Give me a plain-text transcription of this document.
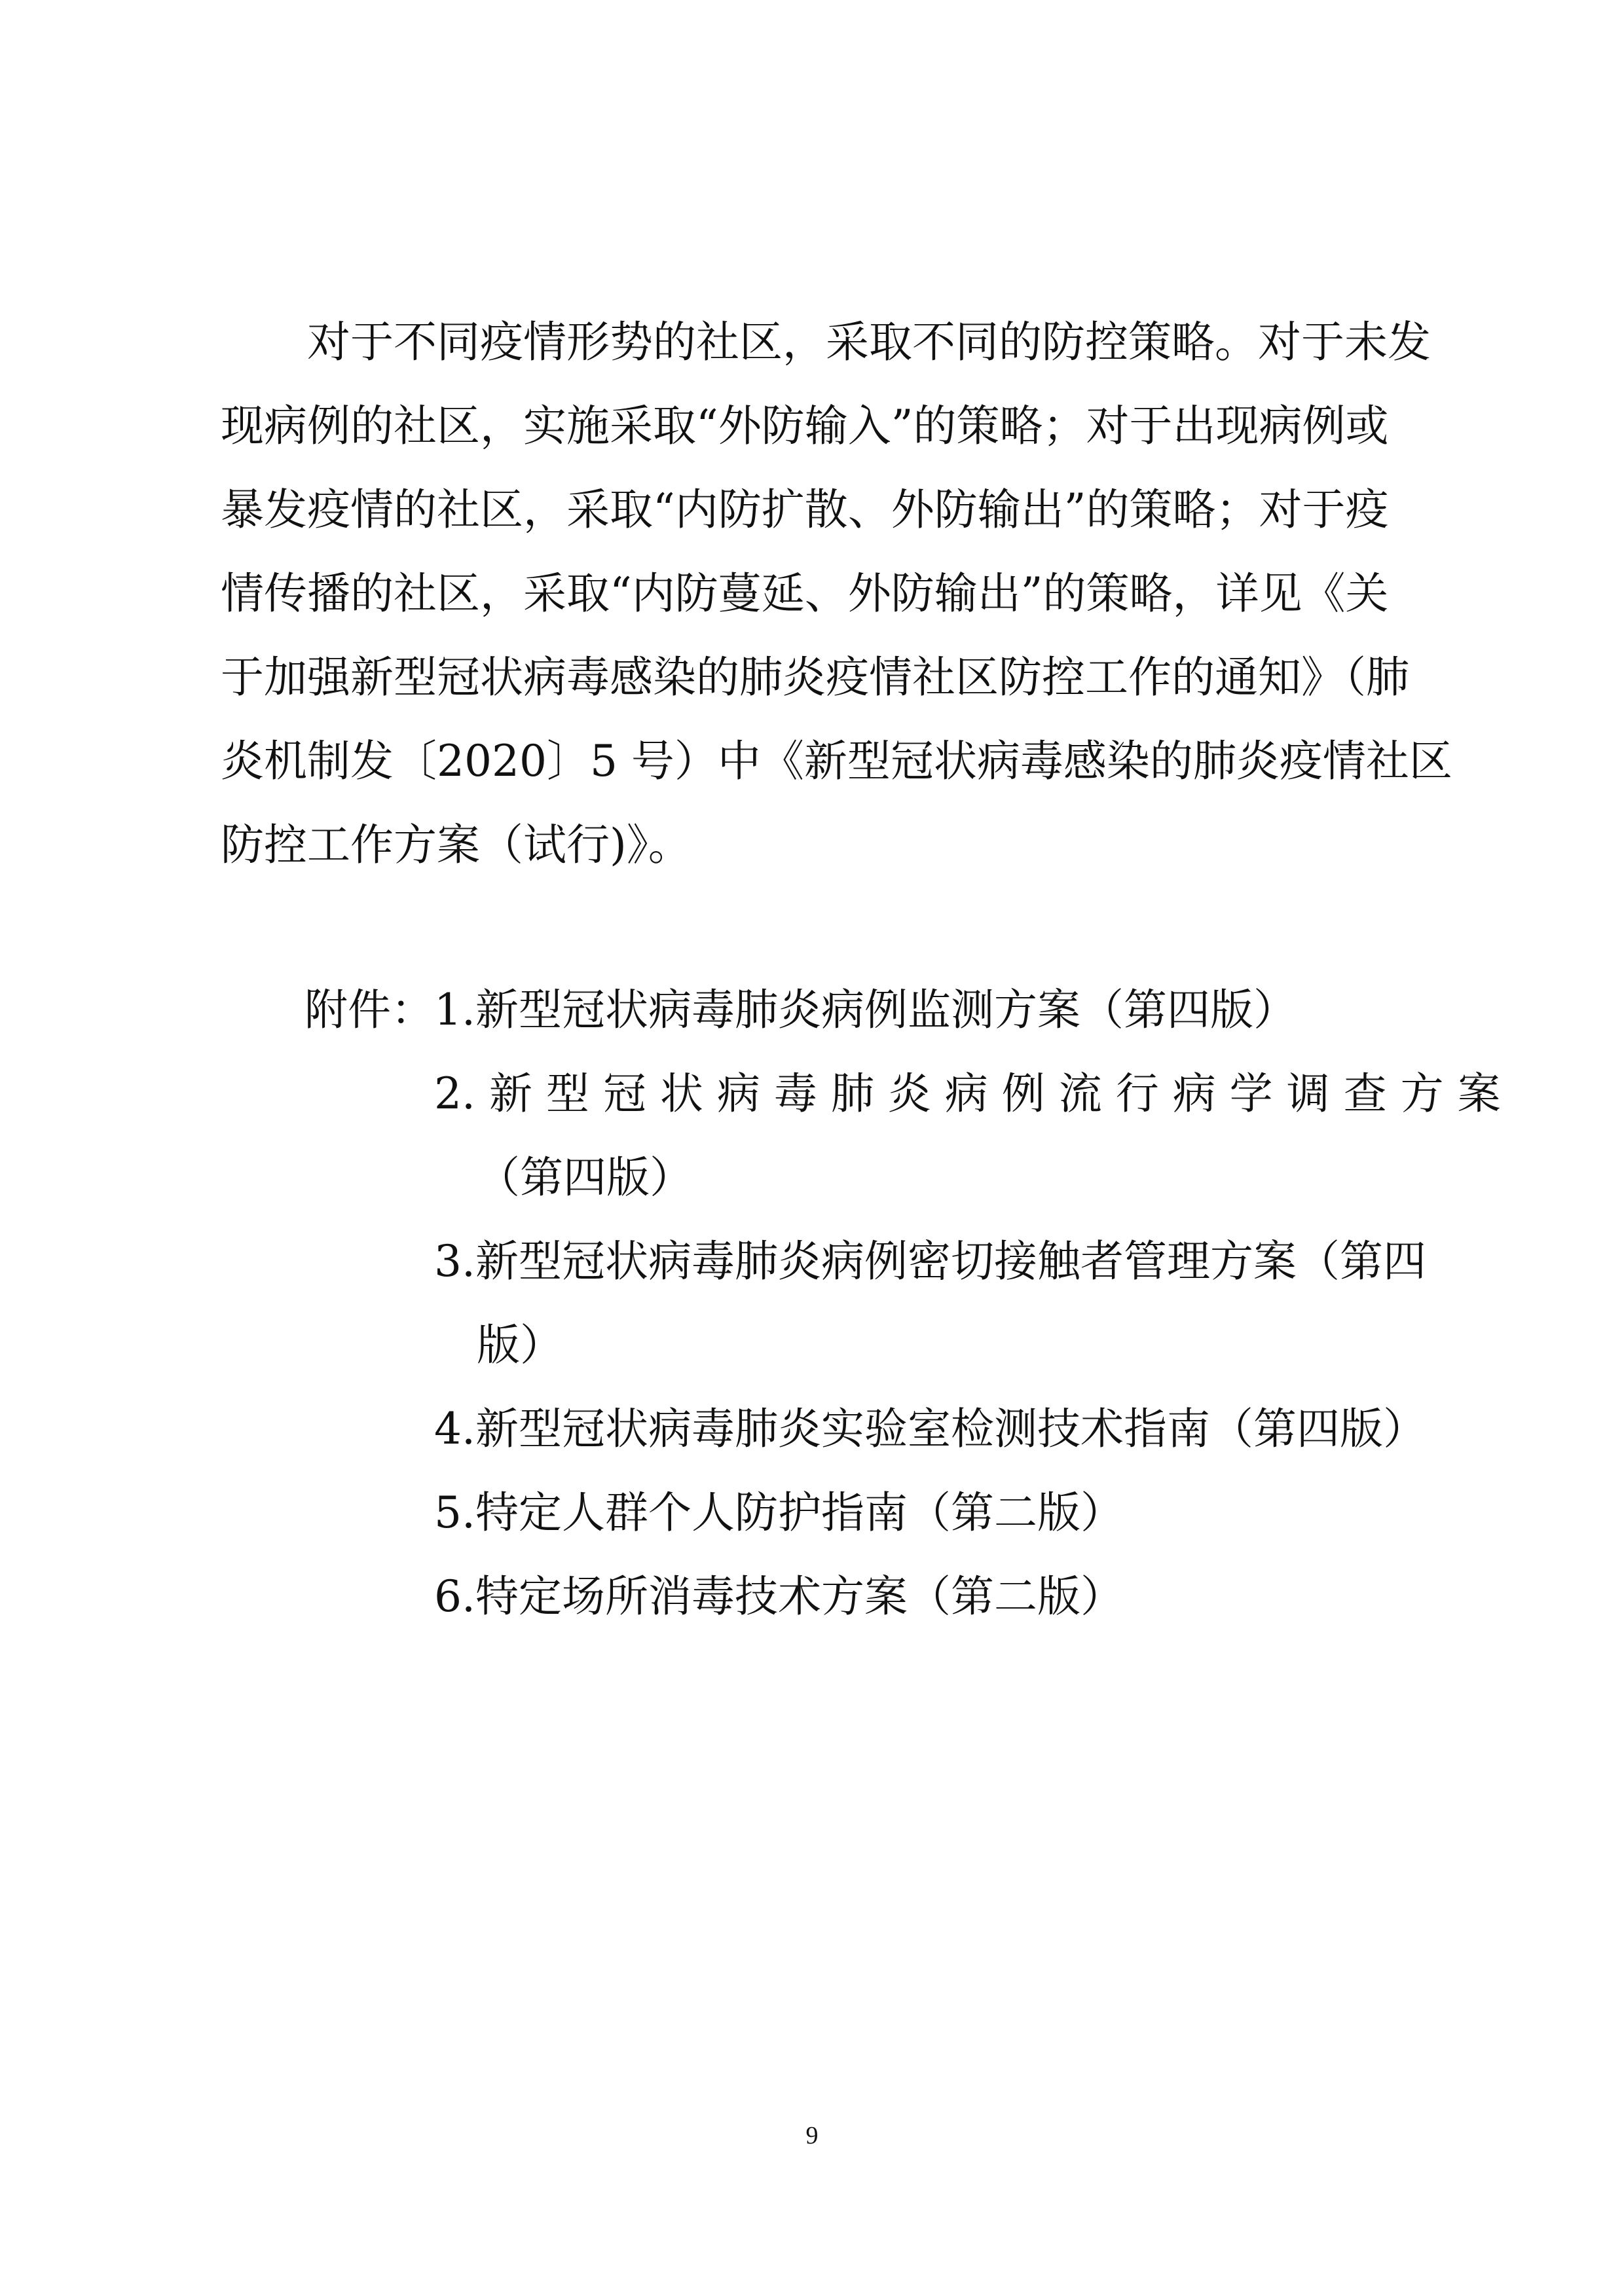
　　对于不同疫情形势的社区，采取不同的防控策略。对于未发
现病例的社区，实施采取“外防输入”的策略；对于出现病例或
暴发疫情的社区，采取“内防扩散、外防输出”的策略；对于疫
情传播的社区，采取“内防蔓延、外防输出”的策略，详见《关
于加强新型冠状病毒感染的肺炎疫情社区防控工作的通知》（肺
炎机制发〔2020〕5 号）中《新型冠状病毒感染的肺炎疫情社区
防控工作方案（试行)》。
附件： 1.新型冠状病毒肺炎病例监测方案（第四版）
2. 新 型 冠 状 病 毒 肺 炎 病 例 流 行 病 学 调 查 方 案
（第四版）
3.新型冠状病毒肺炎病例密切接触者管理方案（第四
版）
4.新型冠状病毒肺炎实验室检测技术指南（第四版）
5.特定人群个人防护指南（第二版）
6.特定场所消毒技术方案（第二版）
9
